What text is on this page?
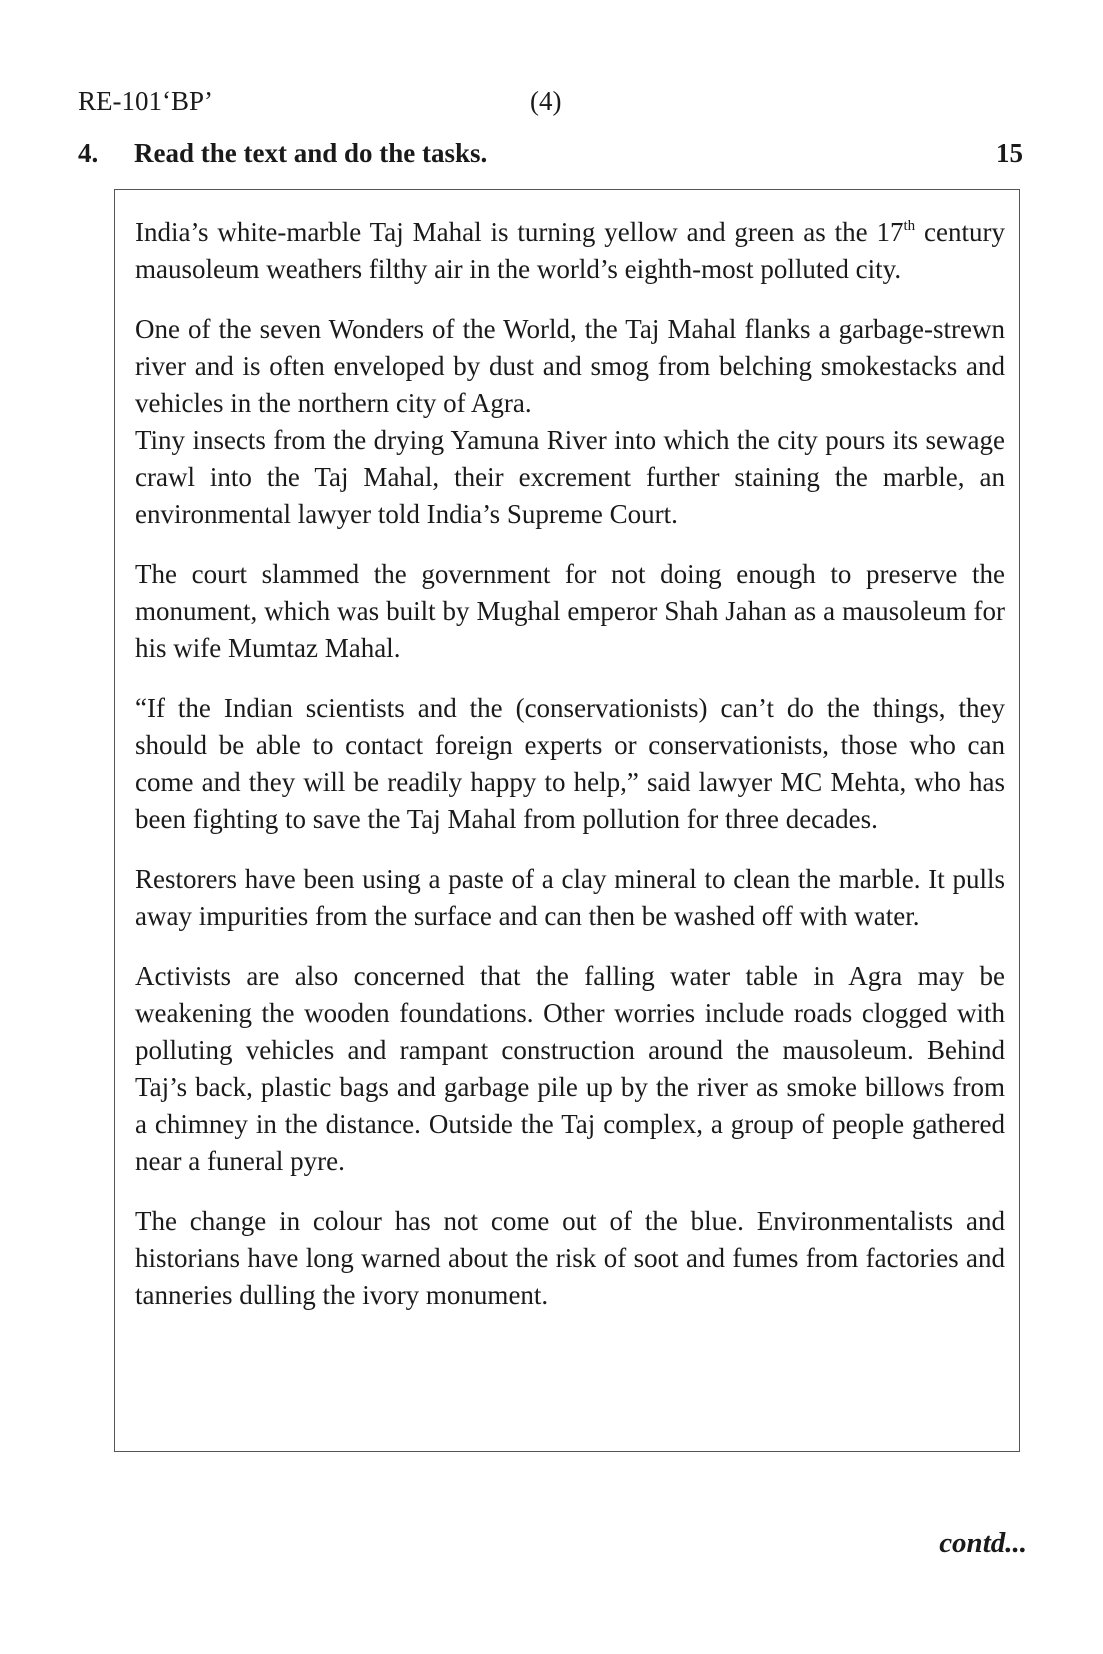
RE-101‘BP’	(4)
4. Read the text and do the tasks.	15

India’s white-marble Taj Mahal is turning yellow and green as the 17th century mausoleum weathers filthy air in the world’s eighth-most polluted city.

One of the seven Wonders of the World, the Taj Mahal flanks a garbage-strewn river and is often enveloped by dust and smog from belching smokestacks and vehicles in the northern city of Agra.

Tiny insects from the drying Yamuna River into which the city pours its sewage crawl into the Taj Mahal, their excrement further staining the marble, an environmental lawyer told India’s Supreme Court.

The court slammed the government for not doing enough to preserve the monument, which was built by Mughal emperor Shah Jahan as a mausoleum for his wife Mumtaz Mahal.

“If the Indian scientists and the (conservationists) can’t do the things, they should be able to contact foreign experts or conservationists, those who can come and they will be readily happy to help,” said lawyer MC Mehta, who has been fighting to save the Taj Mahal from pollution for three decades.

Restorers have been using a paste of a clay mineral to clean the marble. It pulls away impurities from the surface and can then be washed off with water.

Activists are also concerned that the falling water table in Agra may be weakening the wooden foundations. Other worries include roads clogged with polluting vehicles and rampant construction around the mausoleum. Behind Taj’s back, plastic bags and garbage pile up by the river as smoke billows from a chimney in the distance. Outside the Taj complex, a group of people gathered near a funeral pyre.

The change in colour has not come out of the blue. Environmentalists and historians have long warned about the risk of soot and fumes from factories and tanneries dulling the ivory monument.

contd...
